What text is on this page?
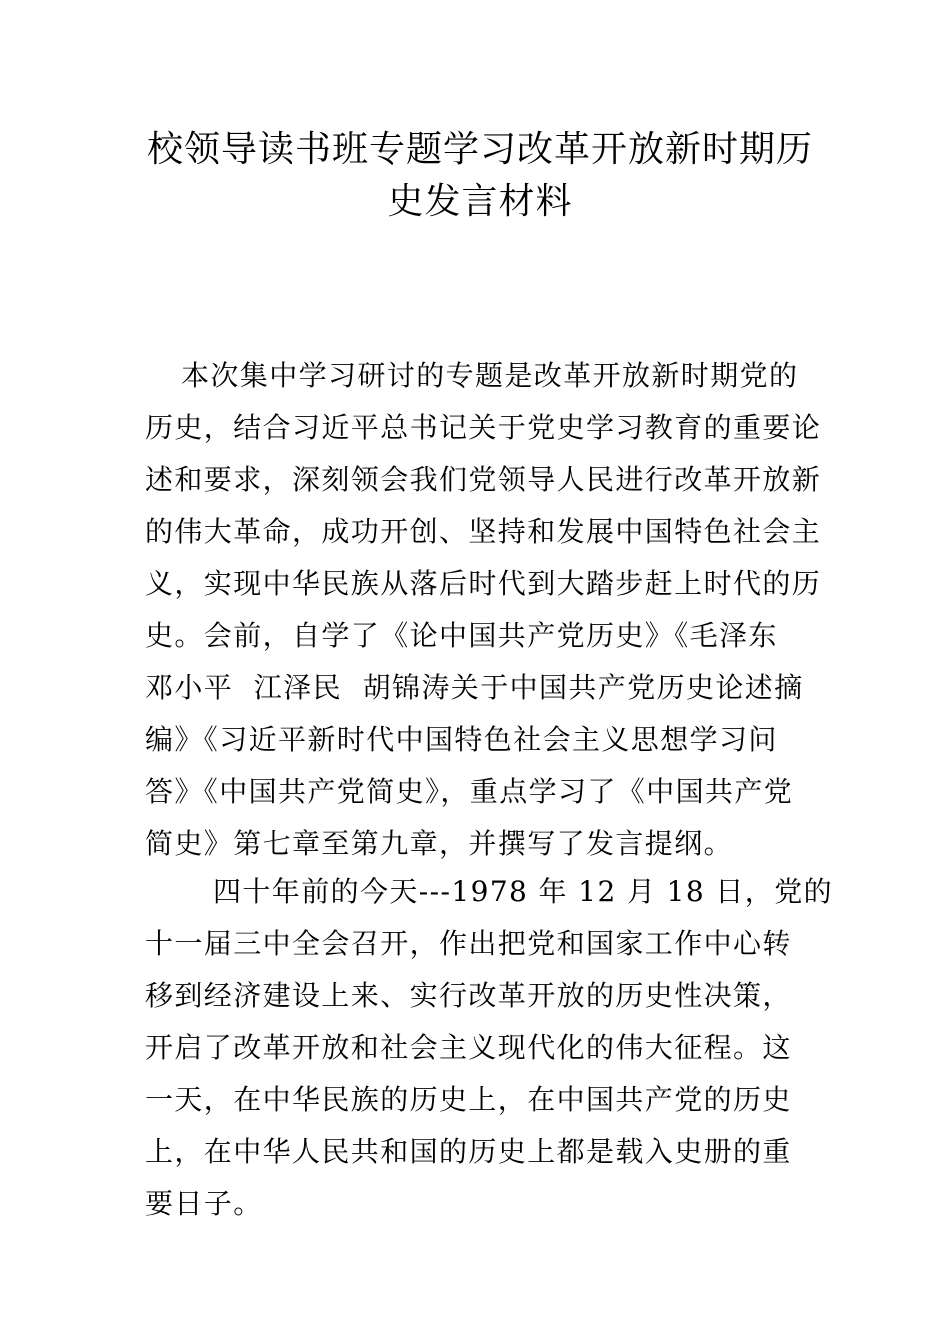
校领导读书班专题学习改革开放新时期历
史发言材料
本次集中学习研讨的专题是改革开放新时期党的
历史，结合习近平总书记关于党史学习教育的重要论
述和要求，深刻领会我们党领导人民进行改革开放新
的伟大革命，成功开创、坚持和发展中国特色社会主
义，实现中华民族从落后时代到大踏步赶上时代的历
史。会前，自学了《论中国共产党历史》《毛泽东
邓小平  江泽民  胡锦涛关于中国共产党历史论述摘
编》《习近平新时代中国特色社会主义思想学习问
答》《中国共产党简史》，重点学习了《中国共产党
简史》第七章至第九章，并撰写了发言提纲。
四十年前的今天---1978 年 12 月 18 日，党的
十一届三中全会召开，作出把党和国家工作中心转
移到经济建设上来、实行改革开放的历史性决策，
开启了改革开放和社会主义现代化的伟大征程。这
一天，在中华民族的历史上，在中国共产党的历史
上，在中华人民共和国的历史上都是载入史册的重
要日子。
